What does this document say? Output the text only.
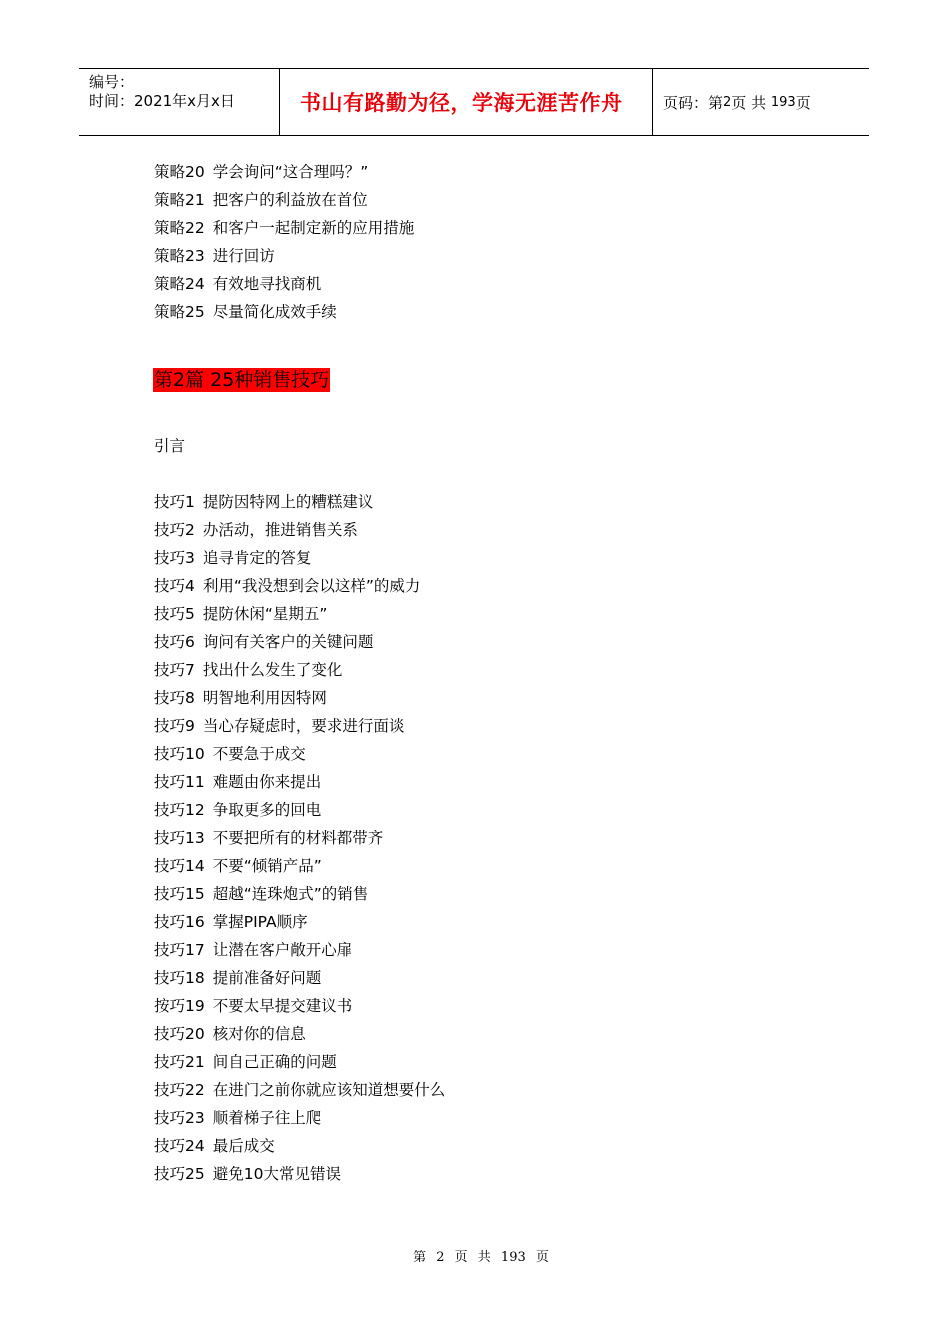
编号：
时间：2021年x月x日	书山有路勤为径，学海无涯苦作舟	页码：第 2 页 共
193 页
策略20 学会询问“这合理吗？”
策略21 把客户的利益放在首位
策略22 和客户一起制定新的应用措施
策略23 进行回访
策略24 有效地寻找商机
策略25 尽量简化成效手续
第2篇 25种销售技巧
引言
技巧1 提防因特网上的糟糕建议
技巧2 办活动，推进销售关系
技巧3 追寻肯定的答复
技巧4 利用“我没想到会以这样”的威力
技巧5 提防休闲“星期五”
技巧6 询问有关客户的关键问题
技巧7 找出什么发生了变化
技巧8 明智地利用因特网
技巧9 当心存疑虑时，要求进行面谈
技巧10 不要急于成交
技巧11 难题由你来提出
技巧12 争取更多的回电
技巧13 不要把所有的材料都带齐
技巧14 不要“倾销产品”
技巧15 超越“连珠炮式”的销售
技巧16 掌握PIPA顺序
技巧17 让潜在客户敞开心扉
技巧18 提前准备好问题
按巧19 不要太早提交建议书
技巧20 核对你的信息
技巧21 间自己正确的问题
技巧22 在进门之前你就应该知道想要什么
技巧23 顺着梯子往上爬
技巧24 最后成交
技巧25 避免10大常见错误
第 2 页 共 193 页
